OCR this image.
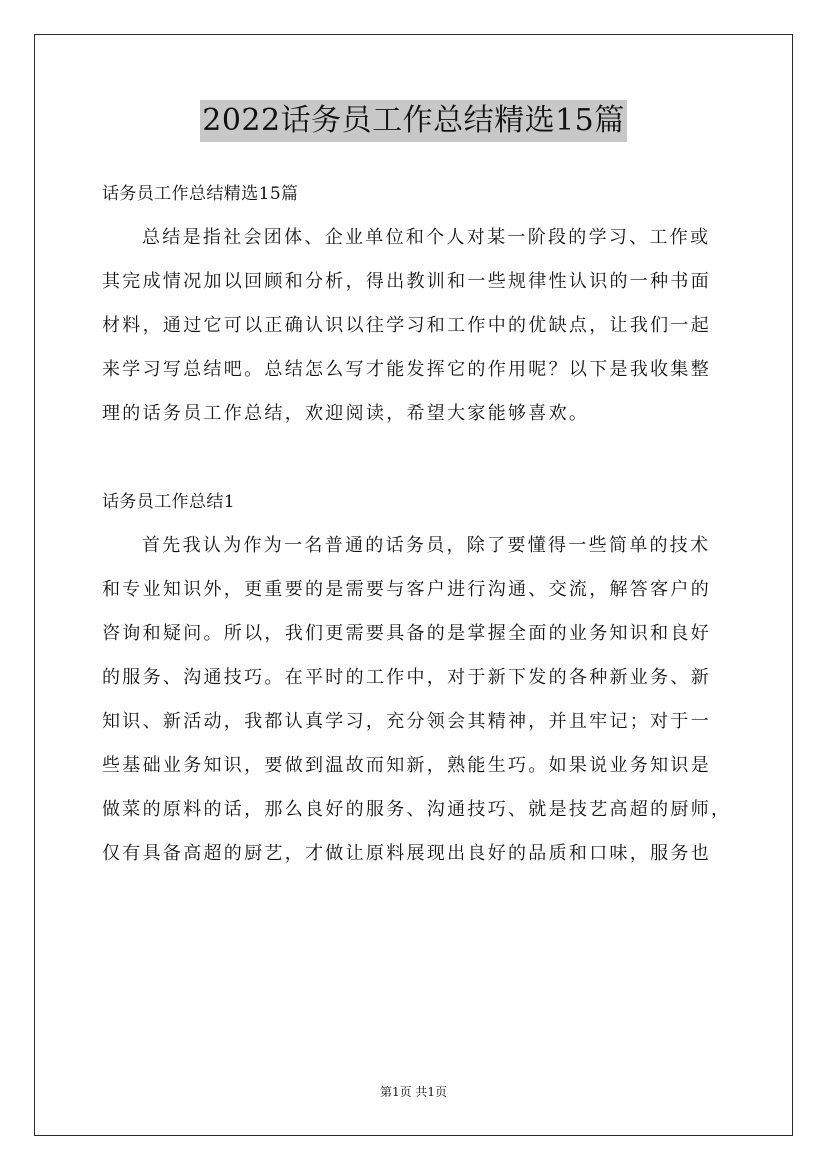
2022话务员工作总结精选15篇
话务员工作总结精选15篇
总结是指社会团体、企业单位和个人对某一阶段的学习、工作或
其完成情况加以回顾和分析，得出教训和一些规律性认识的一种书面
材料，通过它可以正确认识以往学习和工作中的优缺点，让我们一起
来学习写总结吧。总结怎么写才能发挥它的作用呢？以下是我收集整
理的话务员工作总结，欢迎阅读，希望大家能够喜欢。
话务员工作总结1
首先我认为作为一名普通的话务员，除了要懂得一些简单的技术
和专业知识外，更重要的是需要与客户进行沟通、交流，解答客户的
咨询和疑问。所以，我们更需要具备的是掌握全面的业务知识和良好
的服务、沟通技巧。在平时的工作中，对于新下发的各种新业务、新
知识、新活动，我都认真学习，充分领会其精神，并且牢记；对于一
些基础业务知识，要做到温故而知新，熟能生巧。如果说业务知识是
做菜的原料的话，那么良好的服务、沟通技巧、就是技艺高超的厨师，
仅有具备高超的厨艺，才做让原料展现出良好的品质和口味，服务也
第1页 共1页
